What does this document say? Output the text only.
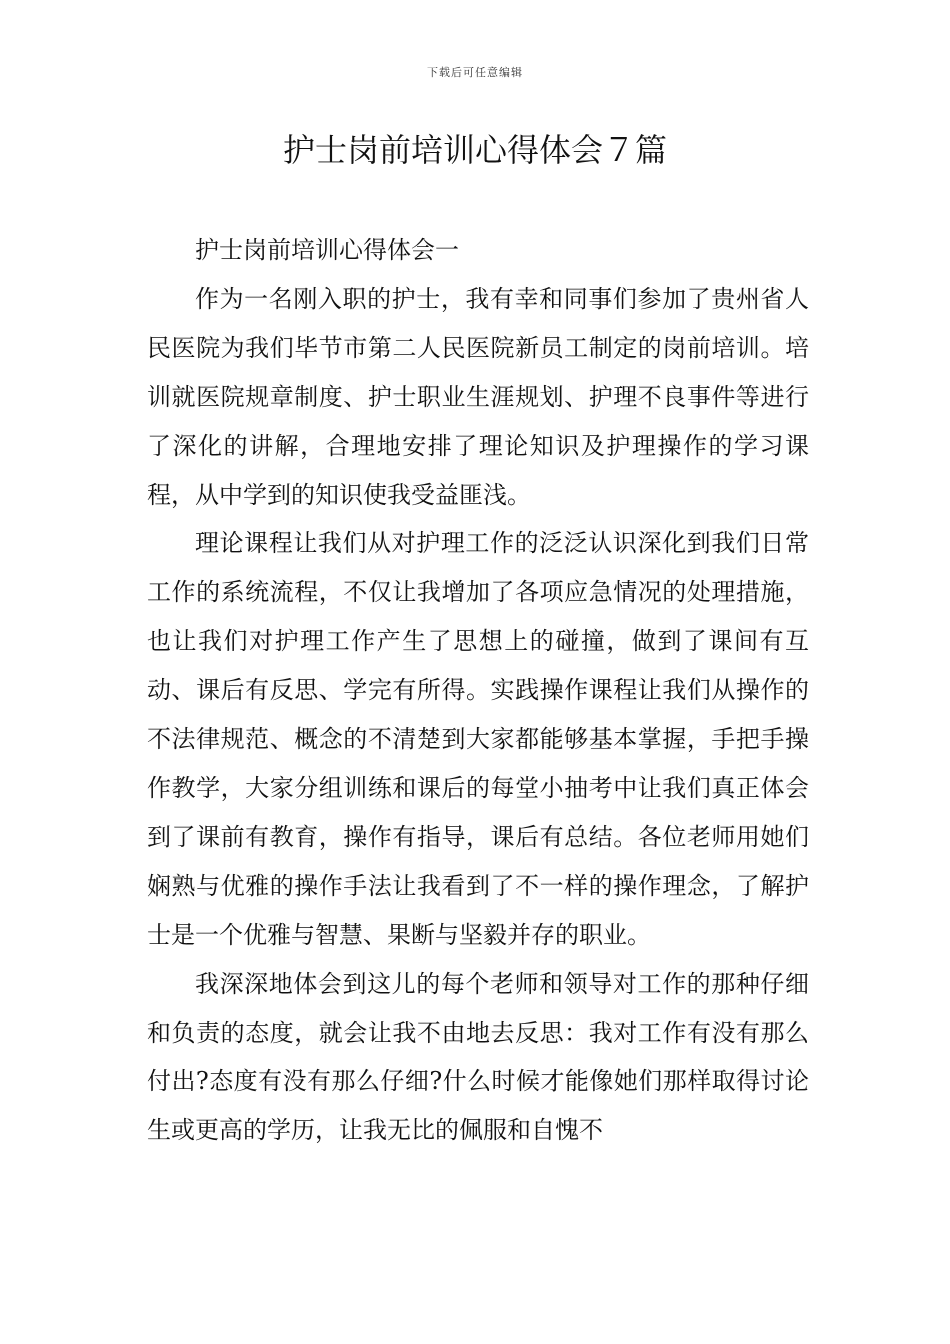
下载后可任意编辑
护士岗前培训心得体会７篇

护士岗前培训心得体会一

作为一名刚入职的护士，我有幸和同事们参加了贵州省人民医院为我们毕节市第二人民医院新员工制定的岗前培训。培训就医院规章制度、护士职业生涯规划、护理不良事件等进行了深化的讲解，合理地安排了理论知识及护理操作的学习课程，从中学到的知识使我受益匪浅。

理论课程让我们从对护理工作的泛泛认识深化到我们日常工作的系统流程，不仅让我增加了各项应急情况的处理措施，也让我们对护理工作产生了思想上的碰撞，做到了课间有互动、课后有反思、学完有所得。实践操作课程让我们从操作的不法律规范、概念的不清楚到大家都能够基本掌握，手把手操作教学，大家分组训练和课后的每堂小抽考中让我们真正体会到了课前有教育，操作有指导，课后有总结。各位老师用她们娴熟与优雅的操作手法让我看到了不一样的操作理念，了解护士是一个优雅与智慧、果断与坚毅并存的职业。

我深深地体会到这儿的每个老师和领导对工作的那种仔细和负责的态度，就会让我不由地去反思：我对工作有没有那么付出?态度有没有那么仔细?什么时候才能像她们那样取得讨论生或更高的学历，让我无比的佩服和自愧不
